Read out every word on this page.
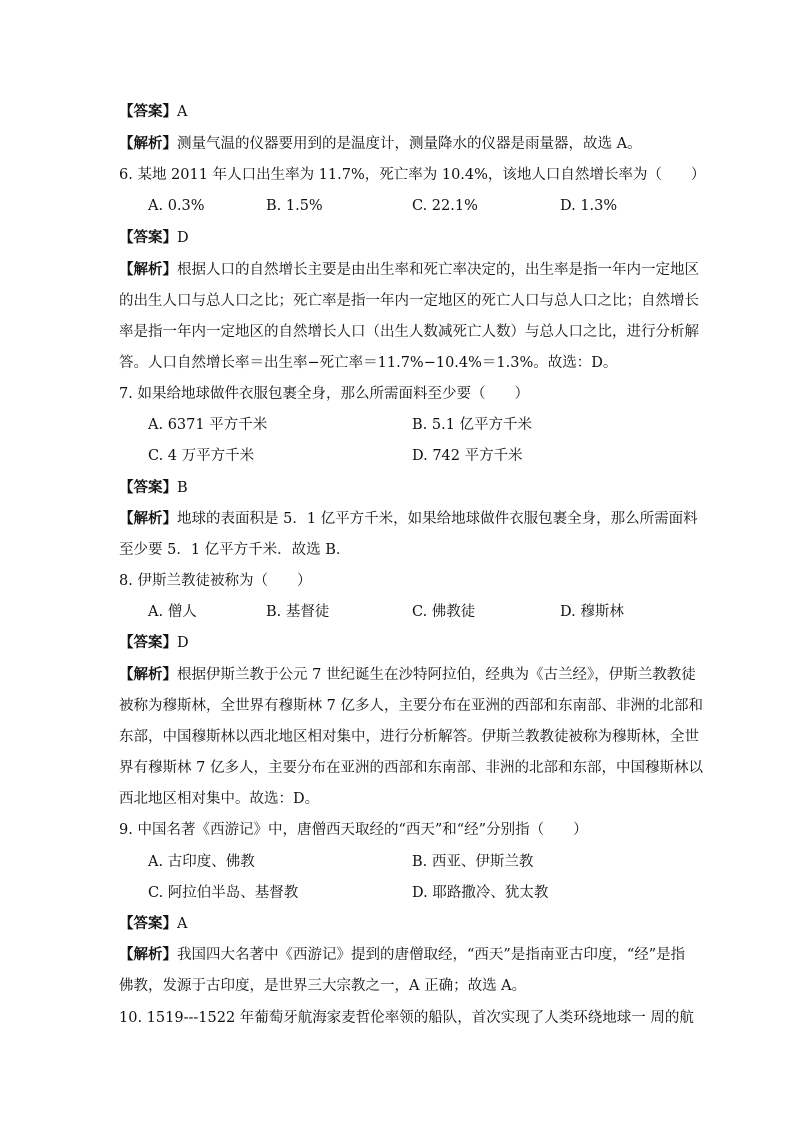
【答案】A
【解析】测量气温的仪器要用到的是温度计，测量降水的仪器是雨量器，故选 A。
6. 某地 2011 年人口出生率为 11.7%，死亡率为 10.4%，该地人口自然增长率为（　　）
A. 0.3%	B. 1.5%	C. 22.1%	D. 1.3%
【答案】D
【解析】根据人口的自然增长主要是由出生率和死亡率决定的，出生率是指一年内一定地区
的出生人口与总人口之比；死亡率是指一年内一定地区的死亡人口与总人口之比；自然增长
率是指一年内一定地区的自然增长人口（出生人数减死亡人数）与总人口之比，进行分析解
答。人口自然增长率＝出生率−死亡率＝11.7%−10.4%＝1.3%。故选：D。
7. 如果给地球做件衣服包裹全身，那么所需面料至少要（　　）
A. 6371 平方千米	B. 5.1 亿平方千米
C. 4 万平方千米	D. 742 平方千米
【答案】B
【解析】地球的表面积是 5．1 亿平方千米，如果给地球做件衣服包裹全身，那么所需面料
至少要 5．1 亿平方千米．故选 B．
8. 伊斯兰教徒被称为（　　）
A. 僧人	B. 基督徒	C. 佛教徒	D. 穆斯林
【答案】D
【解析】根据伊斯兰教于公元 7 世纪诞生在沙特阿拉伯，经典为《古兰经》，伊斯兰教教徒
被称为穆斯林，全世界有穆斯林 7 亿多人，主要分布在亚洲的西部和东南部、非洲的北部和
东部，中国穆斯林以西北地区相对集中，进行分析解答。伊斯兰教教徒被称为穆斯林，全世
界有穆斯林 7 亿多人，主要分布在亚洲的西部和东南部、非洲的北部和东部，中国穆斯林以
西北地区相对集中。故选：D。
9. 中国名著《西游记》中，唐僧西天取经的“西天”和“经”分别指（　　）
A. 古印度、佛教	B. 西亚、伊斯兰教
C. 阿拉伯半岛、基督教	D. 耶路撒冷、犹太教
【答案】A
【解析】我国四大名著中《西游记》提到的唐僧取经，“西天”是指南亚古印度，“经”是指
佛教，发源于古印度，是世界三大宗教之一，A 正确；故选 A。
10. 1519---1522 年葡萄牙航海家麦哲伦率领的船队，首次实现了人类环绕地球一 周的航
